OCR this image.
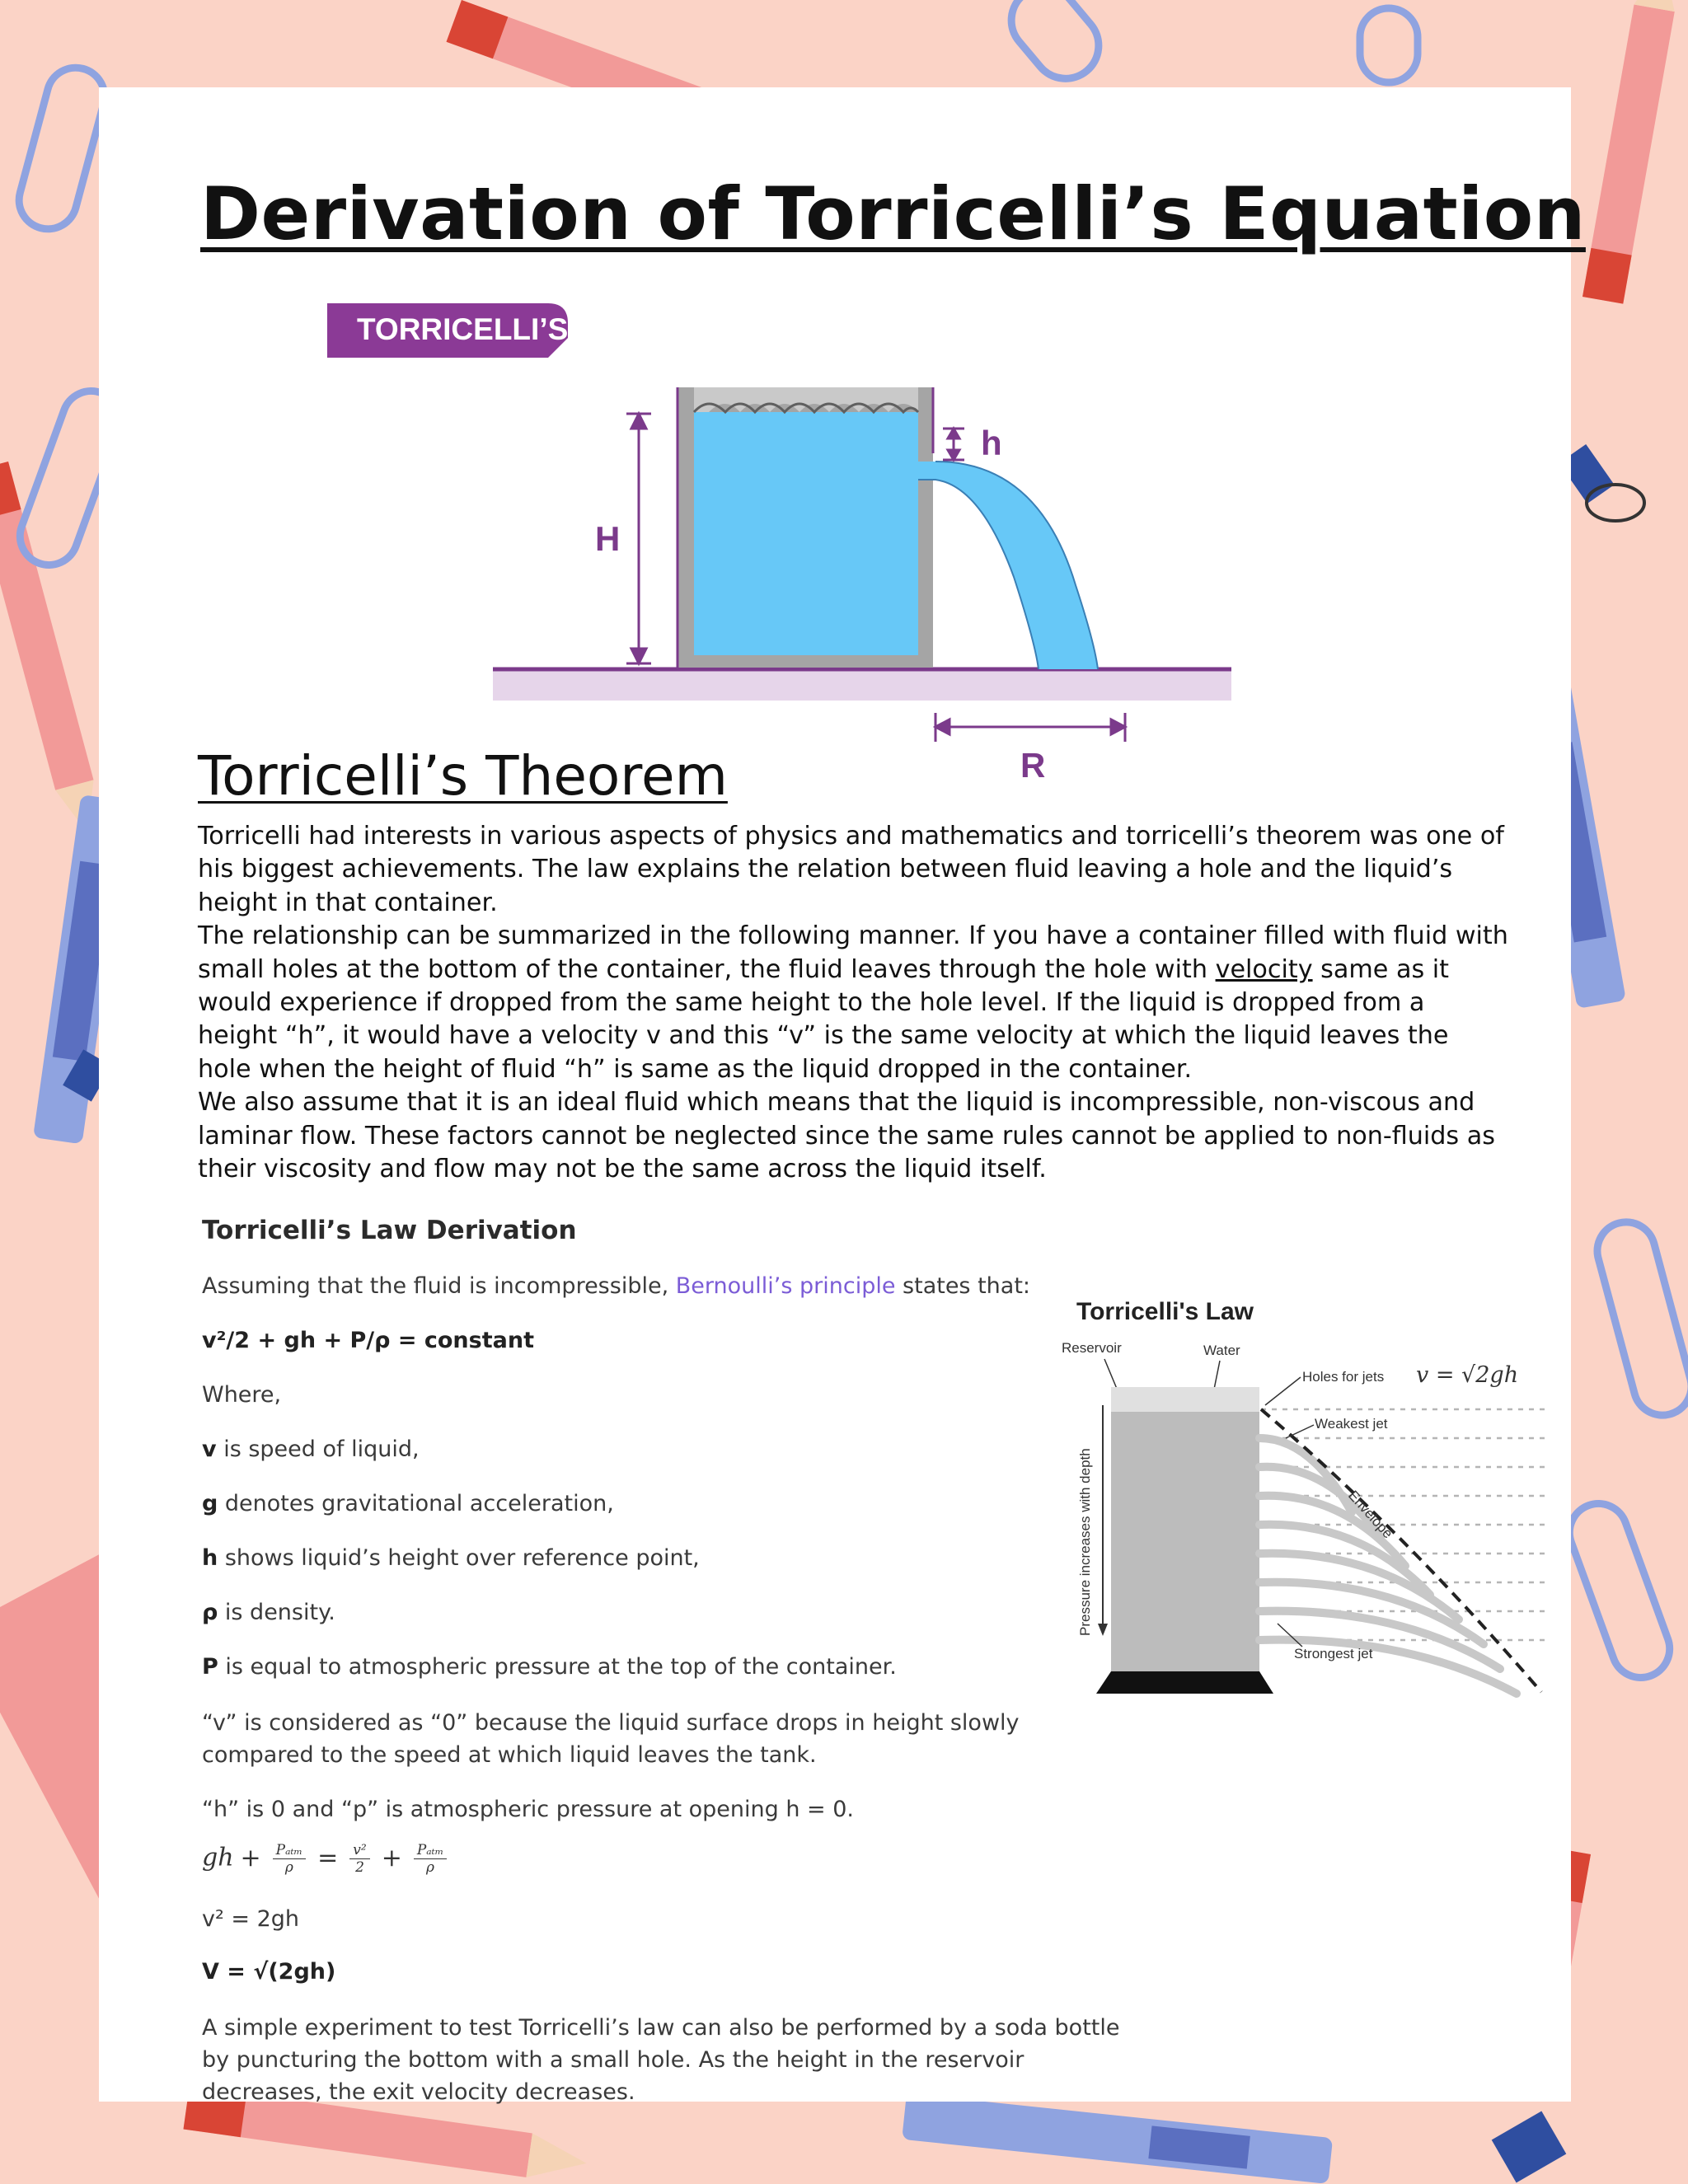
Derivation of Torricelli’s Equation
TORRICELLI’S LAW
H
h
R
Torricelli’s Theorem

Torricelli had interests in various aspects of physics and mathematics and torricelli’s theorem was one of his biggest achievements. The law explains the relation between fluid leaving a hole and the liquid’s height in that container.

The relationship can be summarized in the following manner. If you have a container filled with fluid with small holes at the bottom of the container, the fluid leaves through the hole with velocity same as it would experience if dropped from the same height to the hole level. If the liquid is dropped from a height “h”, it would have a velocity v and this “v” is the same velocity at which the liquid leaves the hole when the height of fluid “h” is same as the liquid dropped in the container.

We also assume that it is an ideal fluid which means that the liquid is incompressible, non-viscous and laminar flow. These factors cannot be neglected since the same rules cannot be applied to non-fluids as their viscosity and flow may not be the same across the liquid itself.

Torricelli’s Law Derivation
Assuming that the fluid is incompressible, Bernoulli’s principle states that:
v²/2 + gh + P/ρ = constant
Where,
v is speed of liquid,
g denotes gravitational acceleration,
h shows liquid’s height over reference point,
ρ is density.
P is equal to atmospheric pressure at the top of the container.
“v” is considered as “0” because the liquid surface drops in height slowly compared to the speed at which liquid leaves the tank.
“h” is 0 and “p” is atmospheric pressure at opening h = 0.
gh + $\frac{\text{Pₐₜₘ}}{\rho} = \frac{\text{v²}}{2} + \frac{\text{Pₐₜₘ}}{\rho}$
v² = 2gh
V = √(2gh)
A simple experiment to test Torricelli’s law can also be performed by a soda bottle by puncturing the bottom with a small hole. As the height in the reservoir decreases, the exit velocity decreases.
Torricelli's Law
Reservoir	Water
Holes for jets v = √2gh
Weakest jet
Envelope
Strongest jet
Pressure increases with depth
